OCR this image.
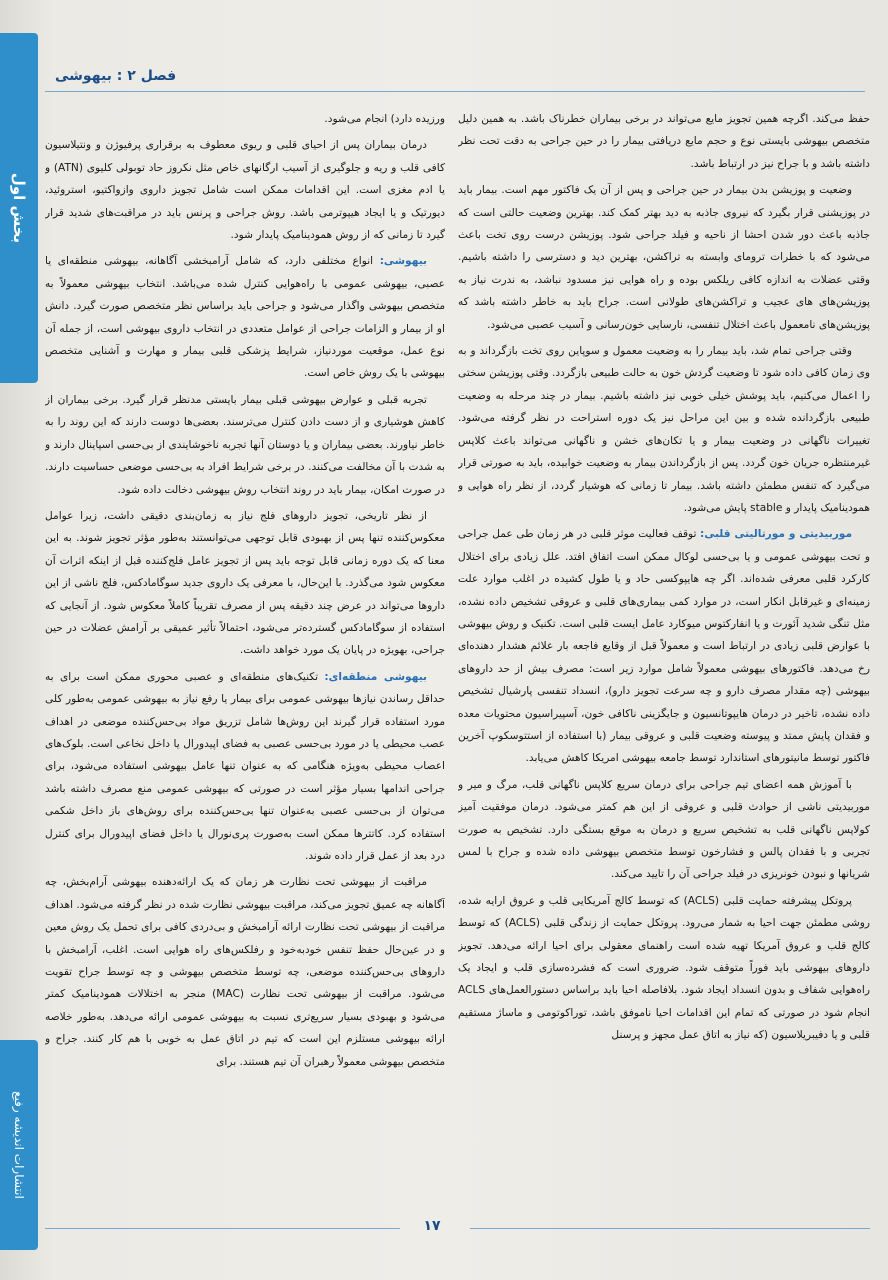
بخش اول
انتشارات اندیشه رفیع
فصل ۲ : بیهوشی

حفظ می‌کند. اگرچه همین تجویز مایع می‌تواند در برخی بیماران خطرناک باشد. به همین دلیل متخصص بیهوشی بایستی نوع و حجم مایع دریافتی بیمار را در حین جراحی به دقت تحت نظر داشته باشد و با جراح نیز در ارتباط باشد.

وضعیت و پوزیشن بدن بیمار در حین جراحی و پس از آن یک فاکتور مهم است. بیمار باید در پوزیشنی قرار بگیرد که نیروی جاذبه به دید بهتر کمک کند. بهترین وضعیت حالتی است که جاذبه باعث دور شدن احشا از ناحیه و فیلد جراحی شود. پوزیشن درست روی تخت باعث می‌شود که با خطرات ترومای وابسته به تراکشن، بهترین دید و دسترسی را داشته باشیم. وقتی عضلات به اندازه کافی ریلکس بوده و راه هوایی نیز مسدود نباشد، به ندرت نیاز به پوزیشن‌های های عجیب و تراکشن‌های طولانی است. جراح باید به خاطر داشته باشد که پوزیشن‌های نامعمول باعث اختلال تنفسی، نارسایی خون‌رسانی و آسیب عصبی می‌شود.

وقتی جراحی تمام شد، باید بیمار را به وضعیت معمول و سوپاین روی تخت بازگرداند و به وی زمان کافی داده شود تا وضعیت گردش خون به حالت طبیعی بازگردد. وقتی پوزیشن سختی را اعمال می‌کنیم، باید پوشش خیلی خوبی نیز داشته باشیم. بیمار در چند مرحله به وضعیت طبیعی بازگردانده شده و بین این مراحل نیز یک دوره استراحت در نظر گرفته می‌شود. تغییرات ناگهانی در وضعیت بیمار و یا تکان‌های خشن و ناگهانی می‌تواند باعث کلاپس غیرمنتظره جریان خون گردد. پس از بازگرداندن بیمار به وضعیت خوابیده، باید به صورتی قرار می‌گیرد که تنفس مطمئن داشته باشد. بیمار تا زمانی که هوشیار گردد، از نظر راه هوایی و همودینامیک پایدار و stable پایش می‌شود.

موربیدیتی و مورتالیتی قلبی: توقف فعالیت موثر قلبی در هر زمان طی عمل جراحی و تحت بیهوشی عمومی و یا بی‌حسی لوکال ممکن است اتفاق افتد. علل زیادی برای اختلال کارکرد قلبی معرفی شده‌اند. اگر چه هایپوکسی حاد و یا طول کشیده در اغلب موارد علت زمینه‌ای و غیرقابل انکار است، در موارد کمی بیماری‌های قلبی و عروقی تشخیص داده نشده، مثل تنگی شدید آئورت و یا انفارکتوس میوکارد عامل ایست قلبی است. تکنیک و روش بیهوشی با عوارض قلبی زیادی در ارتباط است و معمولاً قبل از وقایع فاجعه بار علائم هشدار دهنده‌ای رخ می‌دهد. فاکتورهای بیهوشی معمولاً شامل موارد زیر است: مصرف بیش از حد داروهای بیهوشی (چه مقدار مصرف دارو و چه سرعت تجویز دارو)، انسداد تنفسی پارشیال تشخیص داده نشده، تاخیر در درمان هایپوتانسیون و جایگزینی ناکافی خون، آسپیراسیون محتویات معده و فقدان پایش ممتد و پیوسته وضعیت قلبی و عروقی بیمار (با استفاده از استتوسکوپ آخرین فاکتور توسط مانیتورهای استاندارد توسط جامعه بیهوشی امریکا کاهش می‌یابد.

با آموزش همه اعضای تیم جراحی برای درمان سریع کلاپس ناگهانی قلب، مرگ و میر و موربیدیتی ناشی از حوادث قلبی و عروقی از این هم کمتر می‌شود. درمان موفقیت آمیز کولاپس ناگهانی قلب به تشخیص سریع و درمان به موقع بستگی دارد. تشخیص به صورت تجربی و با فقدان پالس و فشارخون توسط متخصص بیهوشی داده شده و جراح با لمس شریانها و نبودن خونریزی در فیلد جراحی آن را تایید می‌کند.

پروتکل پیشرفته حمایت قلبی (ACLS) که توسط کالج آمریکایی قلب و عروق ارایه شده، روشی مطمئن جهت احیا به شمار می‌رود. پروتکل حمایت از زندگی قلبی (ACLS) که توسط کالج قلب و عروق آمریکا تهیه شده است راهنمای معقولی برای احیا ارائه می‌دهد. تجویز داروهای بیهوشی باید فوراً متوقف شود. ضروری است که فشرده‌سازی قلب و ایجاد یک راه‌هوایی شفاف و بدون انسداد ایجاد شود. بلافاصله احیا باید براساس دستورالعمل‌های ACLS انجام شود در صورتی که تمام این اقدامات احیا ناموفق باشد، توراکوتومی و ماساژ مستقیم قلبی و یا دفیبریلاسیون (که نیاز به اتاق عمل مجهز و پرسنل

ورزیده دارد) انجام می‌شود.

درمان بیماران پس از احیای قلبی و ریوی معطوف به برقراری پرفیوژن و ونتیلاسیون کافی قلب و ریه و جلوگیری از آسیب ارگانهای خاص مثل نکروز حاد توبولی کلیوی (ATN) و یا ادم مغزی است. این اقدامات ممکن است شامل تجویز داروی وازواکتیو، استروئید، دیورتیک و یا ایجاد هیپوترمی باشد. روش جراحی و پرنس باید در مراقبت‌های شدید قرار گیرد تا زمانی که از روش همودینامیک پایدار شود.

بیهوشی: انواع مختلفی دارد، که شامل آرامبخشی آگاهانه، بیهوشی منطقه‌ای یا عصبی، بیهوشی عمومی با راه‌هوایی کنترل شده می‌باشد. انتخاب بیهوشی معمولاً به متخصص بیهوشی واگذار می‌شود و جراحی باید براساس نظر متخصص صورت گیرد. دانش او از بیمار و الزامات جراحی از عوامل متعددی در انتخاب داروی بیهوشی است، از جمله آن نوع عمل، موقعیت موردنیاز، شرایط پزشکی قلبی بیمار و مهارت و آشنایی متخصص بیهوشی با یک روش خاص است.

تجربه قبلی و عوارض بیهوشی قبلی بیمار بایستی مدنظر قرار گیرد. برخی بیماران از کاهش هوشیاری و از دست دادن کنترل می‌ترسند. بعضی‌ها دوست دارند که این روند را به خاطر نیاورند. بعضی بیماران و یا دوستان آنها تجربه ناخوشایندی از بی‌حسی اسپاینال دارند و به شدت با آن مخالفت می‌کنند. در برخی شرایط افراد به بی‌حسی موضعی حساسیت دارند. در صورت امکان، بیمار باید در روند انتخاب روش بیهوشی دخالت داده شود.

از نظر تاریخی، تجویز داروهای فلج نیاز به زمان‌بندی دقیقی داشت، زیرا عوامل معکوس‌کننده تنها پس از بهبودی قابل توجهی می‌توانستند به‌طور مؤثر تجویز شوند. به این معنا که یک دوره زمانی قابل توجه باید پس از تجویز عامل فلج‌کننده قبل از اینکه اثرات آن معکوس شود می‌گذرد. با این‌حال، با معرفی یک داروی جدید سوگامادکس، فلج ناشی از این داروها می‌تواند در عرض چند دقیقه پس از مصرف تقریباً کاملاً معکوس شود. از آنجایی که استفاده از سوگامادکس گسترده‌تر می‌شود، احتمالاً تأثیر عمیقی بر آرامش عضلات در حین جراحی، بهویژه در پایان یک مورد خواهد داشت.

بیهوشی منطقه‌ای: تکنیک‌های منطقه‌ای و عصبی محوری ممکن است برای به حداقل رساندن نیازها بیهوشی عمومی برای بیمار یا رفع نیاز به بیهوشی عمومی به‌طور کلی مورد استفاده قرار گیرند این روش‌ها شامل تزریق مواد بی‌حس‌کننده موضعی در اهداف عصب محیطی یا در مورد بی‌حسی عصبی به فضای اپیدورال یا داخل نخاعی است. بلوک‌های اعصاب محیطی به‌ویژه هنگامی که به عنوان تنها عامل بیهوشی استفاده می‌شود، برای جراحی اندامها بسیار مؤثر است در صورتی که بیهوشی عمومی منع مصرف داشته باشد می‌توان از بی‌حسی عصبی به‌عنوان تنها بی‌حس‌کننده برای روش‌های باز داخل شکمی استفاده کرد. کاتترها ممکن است به‌صورت پری‌نورال یا داخل فضای اپیدورال برای کنترل درد بعد از عمل قرار داده شوند.

مراقبت از بیهوشی تحت نظارت هر زمان که یک ارائه‌دهنده بیهوشی آرام‌بخش، چه آگاهانه چه عمیق تجویز می‌کند، مراقبت بیهوشی نظارت شده در نظر گرفته می‌شود. اهداف مراقبت از بیهوشی تحت نظارت ارائه آرامبخش و بی‌دردی کافی برای تحمل یک روش معین و در عین‌حال حفظ تنفس خودبه‌خود و رفلکس‌های راه هوایی است. اغلب، آرامبخش با داروهای بی‌حس‌کننده موضعی، چه توسط متخصص بیهوشی و چه توسط جراح تقویت می‌شود. مراقبت از بیهوشی تحت نظارت (MAC) منجر به اختلالات همودینامیک کمتر می‌شود و بهبودی بسیار سریع‌تری نسبت به بیهوشی عمومی ارائه می‌دهد. به‌طور خلاصه ارائه بیهوشی مستلزم این است که تیم در اتاق عمل به خوبی با هم کار کنند. جراح و متخصص بیهوشی معمولاً رهبران آن تیم هستند. برای

۱۷
